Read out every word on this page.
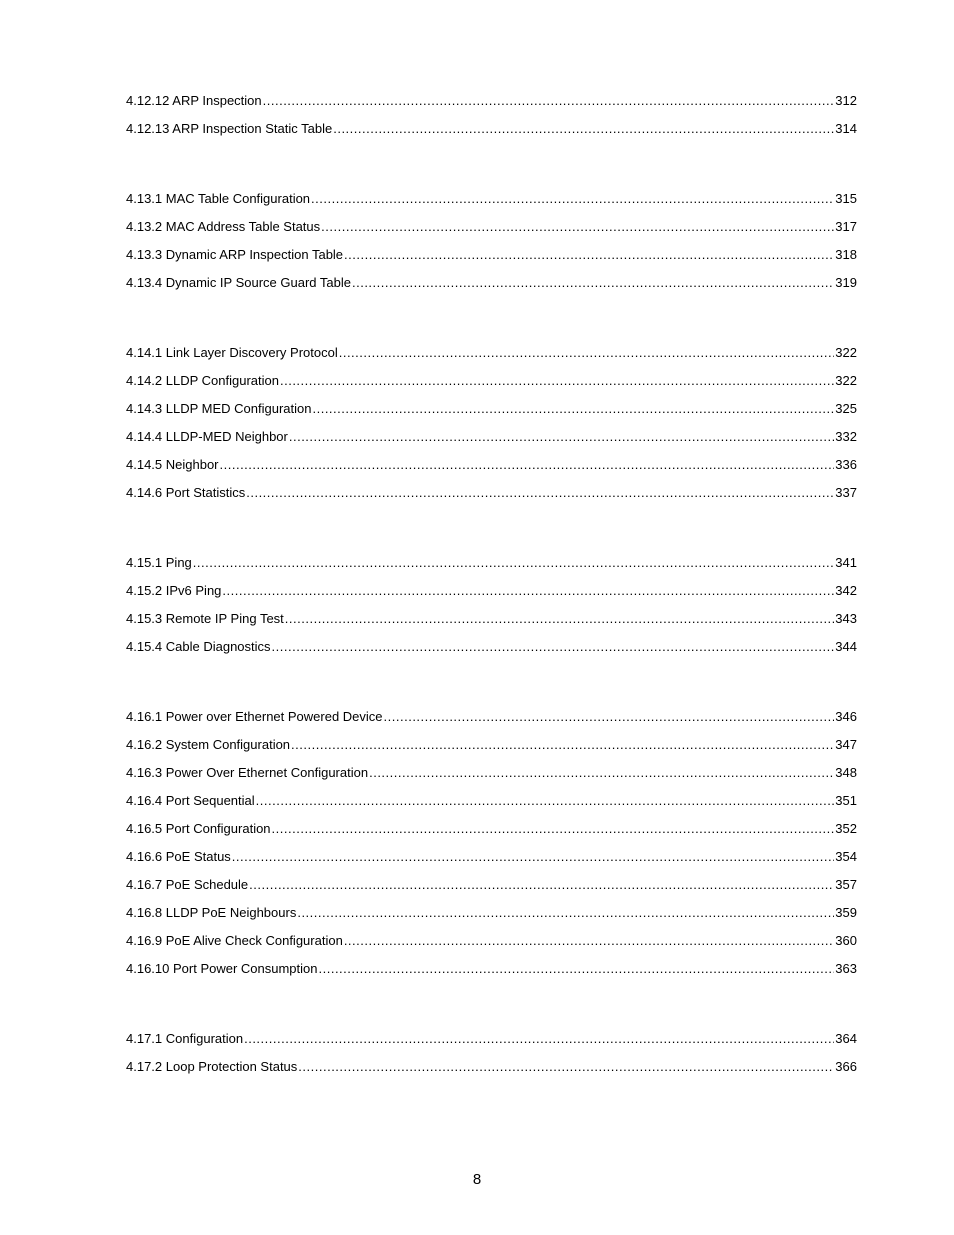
4.12.12 ARP Inspection .....	312
4.12.13 ARP Inspection Static Table .....	314
4.13.1 MAC Table Configuration .....	315
4.13.2 MAC Address Table Status .....	317
4.13.3 Dynamic ARP Inspection Table .....	318
4.13.4 Dynamic IP Source Guard Table .....	319
4.14.1 Link Layer Discovery Protocol .....	322
4.14.2 LLDP Configuration .....	322
4.14.3 LLDP MED Configuration .....	325
4.14.4 LLDP-MED Neighbor .....	332
4.14.5 Neighbor .....	336
4.14.6 Port Statistics .....	337
4.15.1 Ping .....	341
4.15.2 IPv6 Ping .....	342
4.15.3 Remote IP Ping Test .....	343
4.15.4 Cable Diagnostics .....	344
4.16.1 Power over Ethernet Powered Device .....	346
4.16.2 System Configuration .....	347
4.16.3 Power Over Ethernet Configuration .....	348
4.16.4 Port Sequential .....	351
4.16.5 Port Configuration .....	352
4.16.6 PoE Status .....	354
4.16.7 PoE Schedule .....	357
4.16.8 LLDP PoE Neighbours .....	359
4.16.9 PoE Alive Check Configuration .....	360
4.16.10 Port Power Consumption .....	363
4.17.1 Configuration .....	364
4.17.2 Loop Protection Status .....	366
8
